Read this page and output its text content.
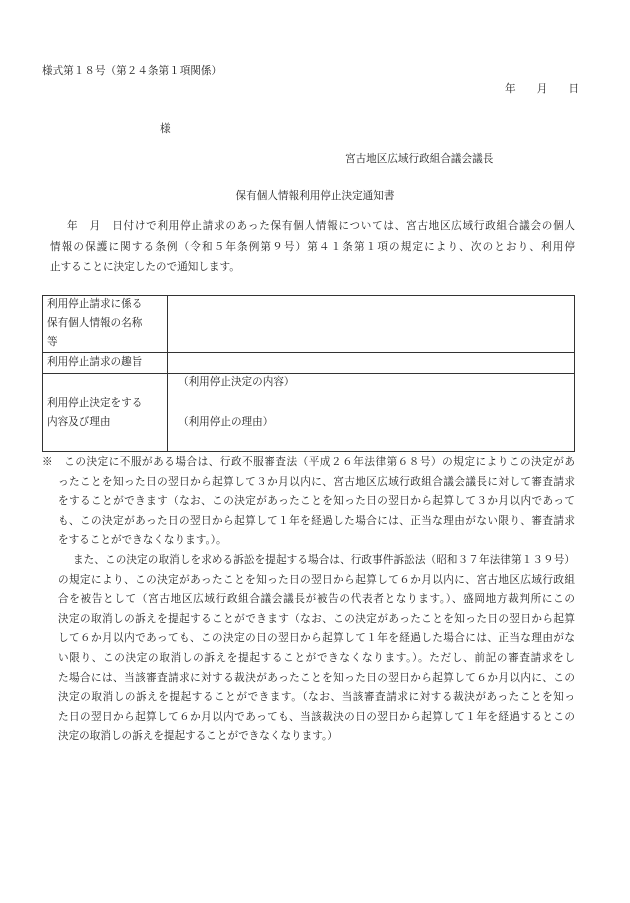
様式第１８号（第２４条第１項関係）
年　　月　　日
様
宮古地区広域行政組合議会議長
保有個人情報利用停止決定通知書
年　月　日付けで利用停止請求のあった保有個人情報については、宮古地区広域行政組合議会の個人
情報の保護に関する条例（令和５年条例第９号）第４１条第１項の規定により、次のとおり、利用停
止することに決定したので通知します。
利用停止請求に係る保有個人情報の名称等
利用停止請求の趣旨
利用停止決定をする内容及び理由
（利用停止決定の内容）
（利用停止の理由）
※　この決定に不服がある場合は、行政不服審査法（平成２６年法律第６８号）の規定によりこの決定があ
ったことを知った日の翌日から起算して３か月以内に、宮古地区広域行政組合議会議長に対して審査請求
をすることができます（なお、この決定があったことを知った日の翌日から起算して３か月以内であって
も、この決定があった日の翌日から起算して１年を経過した場合には、正当な理由がない限り、審査請求
をすることができなくなります。）。
また、この決定の取消しを求める訴訟を提起する場合は、行政事件訴訟法（昭和３７年法律第１３９号）
の規定により、この決定があったことを知った日の翌日から起算して６か月以内に、宮古地区広域行政組
合を被告として（宮古地区広域行政組合議会議長が被告の代表者となります。）、盛岡地方裁判所にこの
決定の取消しの訴えを提起することができます（なお、この決定があったことを知った日の翌日から起算
して６か月以内であっても、この決定の日の翌日から起算して１年を経過した場合には、正当な理由がな
い限り、この決定の取消しの訴えを提起することができなくなります。）。ただし、前記の審査請求をし
た場合には、当該審査請求に対する裁決があったことを知った日の翌日から起算して６か月以内に、この
決定の取消しの訴えを提起することができます。（なお、当該審査請求に対する裁決があったことを知っ
た日の翌日から起算して６か月以内であっても、当該裁決の日の翌日から起算して１年を経過するとこの
決定の取消しの訴えを提起することができなくなります。）
